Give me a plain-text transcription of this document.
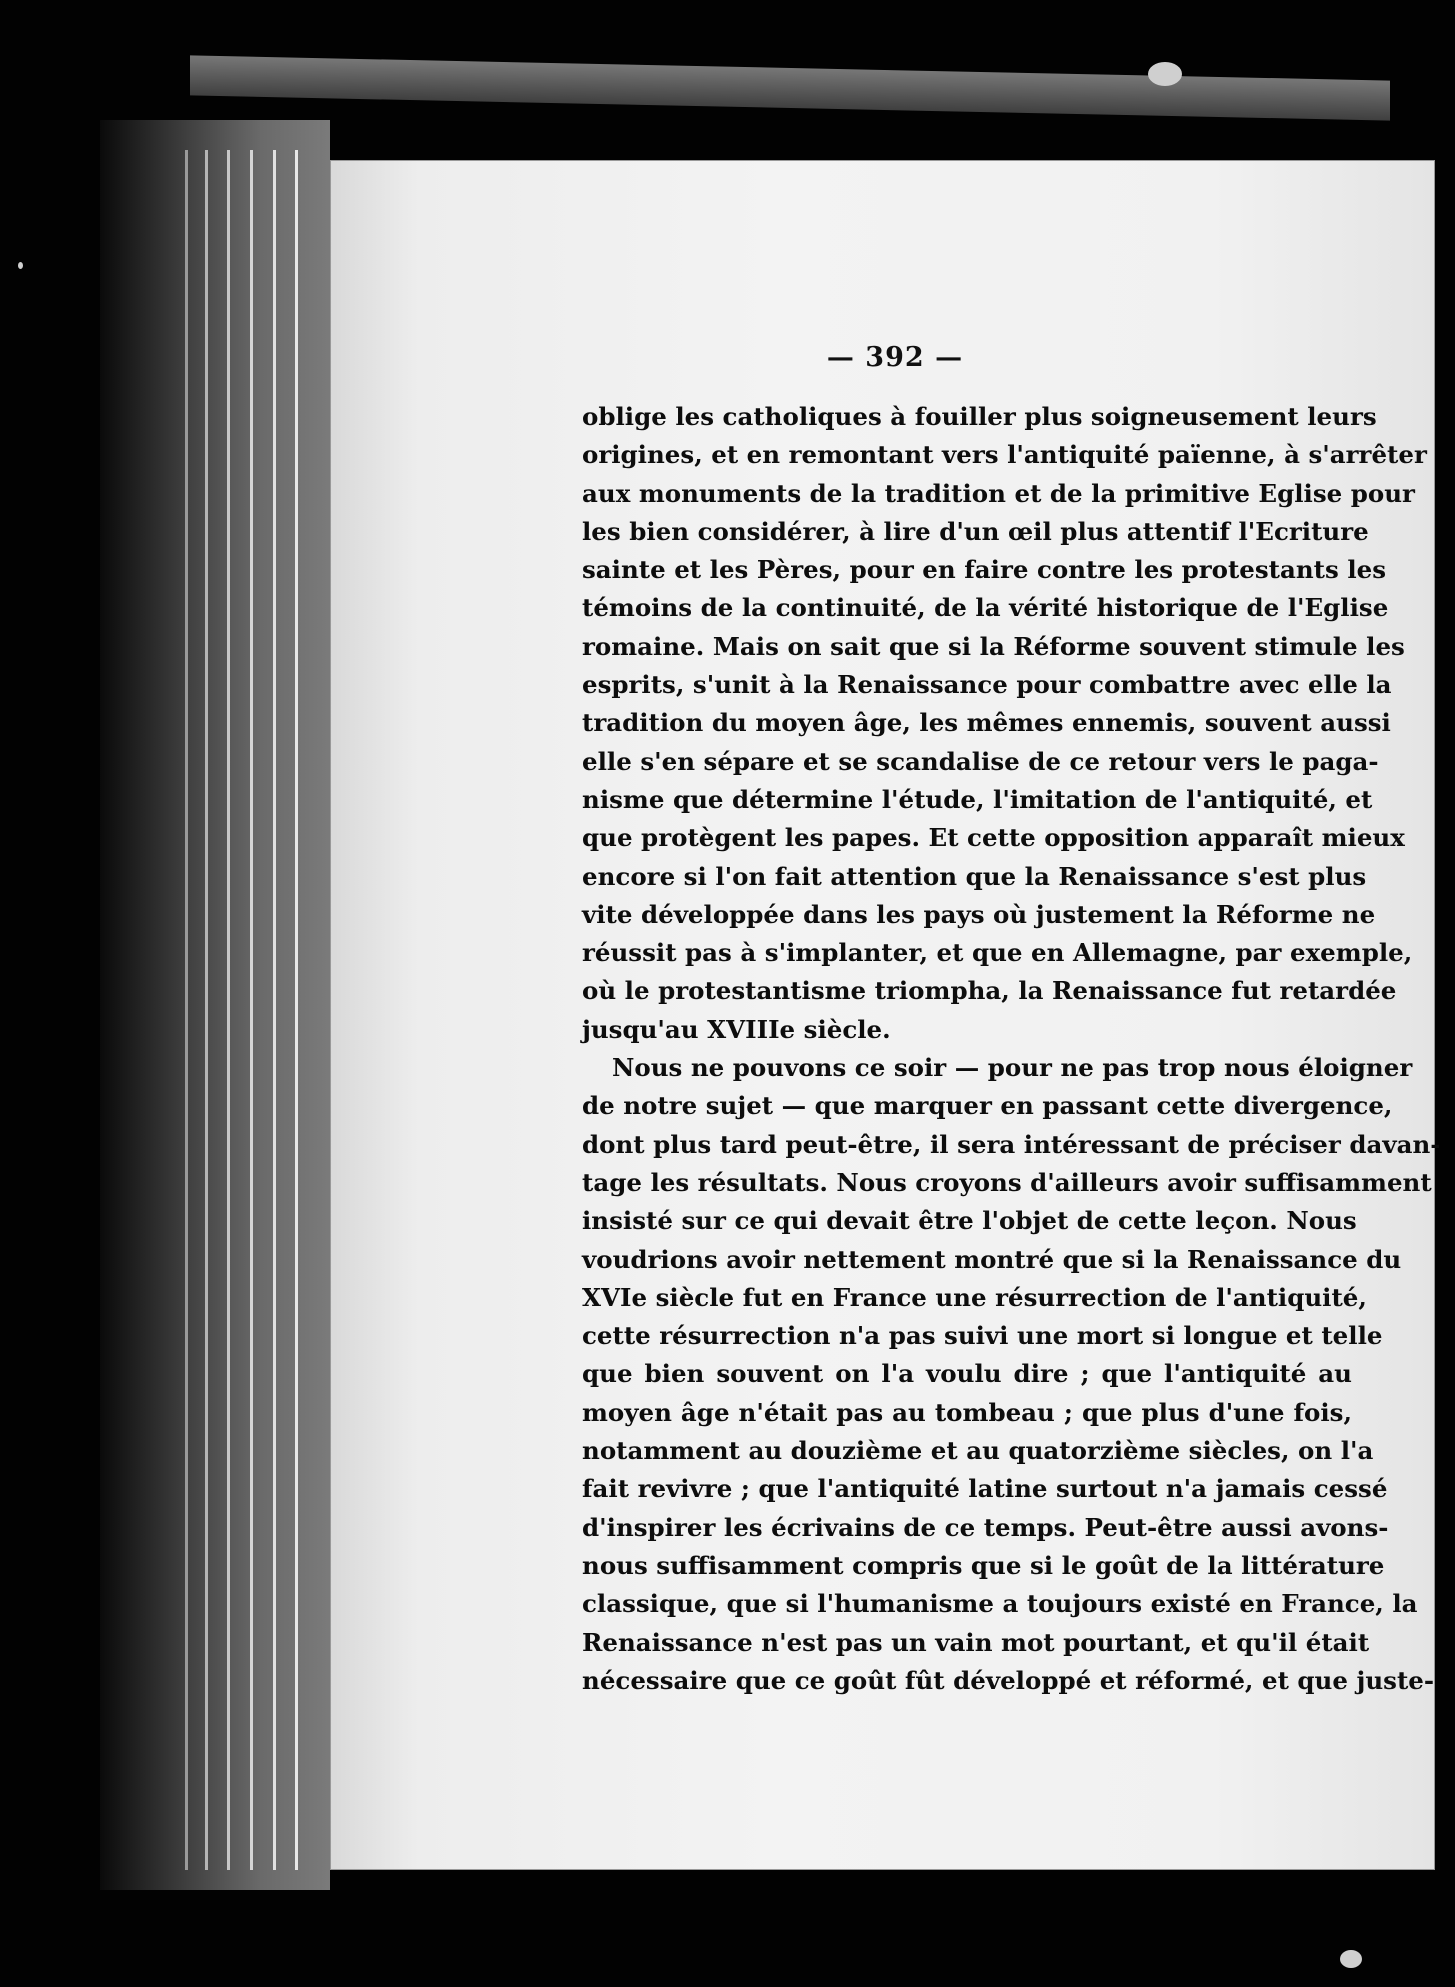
— 392 —
oblige les catholiques à fouiller plus soigneusement leurs
origines, et en remontant vers l'antiquité païenne, à s'arrêter
aux monuments de la tradition et de la primitive Eglise pour
les bien considérer, à lire d'un œil plus attentif l'Ecriture
sainte et les Pères, pour en faire contre les protestants les
témoins de la continuité, de la vérité historique de l'Eglise
romaine. Mais on sait que si la Réforme souvent stimule les
esprits, s'unit à la Renaissance pour combattre avec elle la
tradition du moyen âge, les mêmes ennemis, souvent aussi
elle s'en sépare et se scandalise de ce retour vers le paga-
nisme que détermine l'étude, l'imitation de l'antiquité, et
que protègent les papes. Et cette opposition apparaît mieux
encore si l'on fait attention que la Renaissance s'est plus
vite développée dans les pays où justement la Réforme ne
réussit pas à s'implanter, et que en Allemagne, par exemple,
où le protestantisme triompha, la Renaissance fut retardée
jusqu'au XVIIIe siècle.
Nous ne pouvons ce soir — pour ne pas trop nous éloigner
de notre sujet — que marquer en passant cette divergence,
dont plus tard peut-être, il sera intéressant de préciser davan-
tage les résultats. Nous croyons d'ailleurs avoir suffisamment
insisté sur ce qui devait être l'objet de cette leçon. Nous
voudrions avoir nettement montré que si la Renaissance du
XVIe siècle fut en France une résurrection de l'antiquité,
cette résurrection n'a pas suivi une mort si longue et telle
que bien souvent on l'a voulu dire ; que l'antiquité au
moyen âge n'était pas au tombeau ; que plus d'une fois,
notamment au douzième et au quatorzième siècles, on l'a
fait revivre ; que l'antiquité latine surtout n'a jamais cessé
d'inspirer les écrivains de ce temps. Peut-être aussi avons-
nous suffisamment compris que si le goût de la littérature
classique, que si l'humanisme a toujours existé en France, la
Renaissance n'est pas un vain mot pourtant, et qu'il était
nécessaire que ce goût fût développé et réformé, et que juste-
